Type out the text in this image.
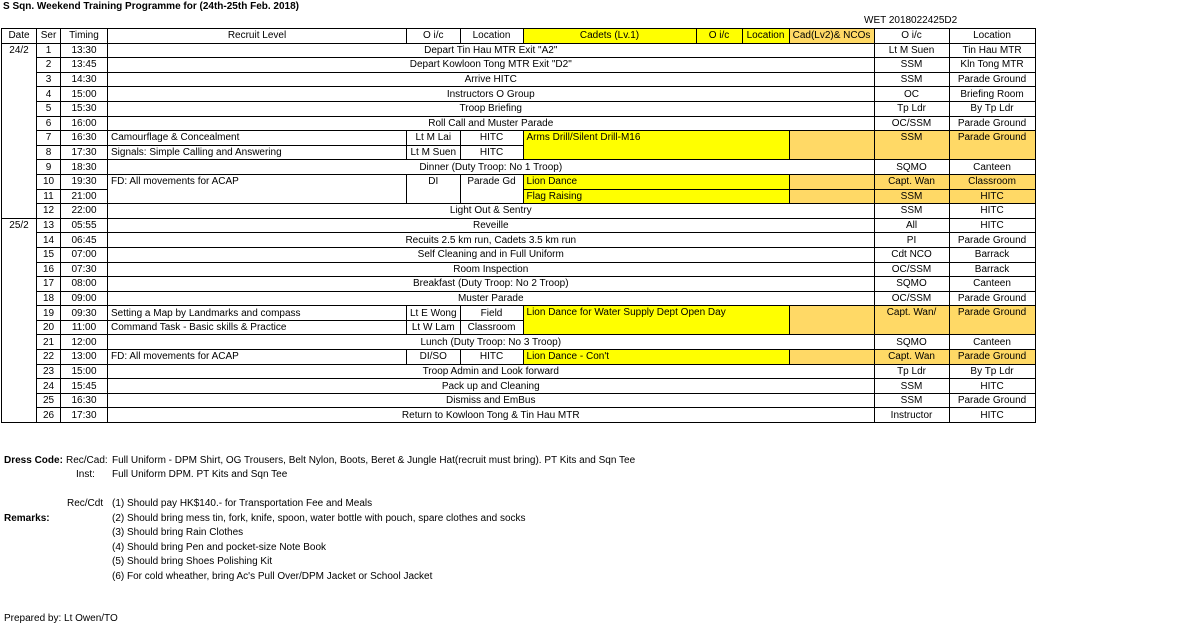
S Sqn. Weekend Training Programme for (24th-25th Feb. 2018)
WET 2018022425D2
Date	Ser	Timing	Recruit Level	O i/c	Location	Cadets (Lv.1)	O i/c	Location	Cad(Lv2)& NCOs	O i/c	Location
24/2	1	13:30	Depart Tin Hau MTR Exit "A2"							Lt M Suen	Tin Hau MTR
	2	13:45	Depart Kowloon Tong MTR Exit "D2"							SSM	Kln Tong MTR
	3	14:30	Arrive HITC							SSM	Parade Ground
	4	15:00	Instructors O Group							OC	Briefing Room
	5	15:30	Troop Briefing							Tp Ldr	By Tp Ldr
	6	16:00	Roll Call and Muster Parade							OC/SSM	Parade Ground
	7	16:30	Camourflage & Concealment	Lt M Lai	HITC	Arms Drill/Silent Drill-M16				SSM	Parade Ground
	8	17:30	Signals: Simple Calling and Answering	Lt M Suen	HITC						
	9	18:30	Dinner (Duty Troop: No 1 Troop)							SQMO	Canteen
	10	19:30	FD: All movements for ACAP	DI	Parade Gd	Lion Dance				Capt. Wan	Classroom
	11	21:00				Flag Raising				SSM	HITC
	12	22:00	Light Out & Sentry							SSM	HITC
25/2	13	05:55	Reveille							All	HITC
	14	06:45	Recuits 2.5 km run, Cadets 3.5 km run							PI	Parade Ground
	15	07:00	Self Cleaning and in Full Uniform							Cdt NCO	Barrack
	16	07:30	Room Inspection							OC/SSM	Barrack
	17	08:00	Breakfast (Duty Troop: No 2 Troop)							SQMO	Canteen
	18	09:00	Muster Parade							OC/SSM	Parade Ground
	19	09:30	Setting a Map by Landmarks and compass	Lt E Wong	Field	Lion Dance for Water Supply Dept Open Day				Capt. Wan/	Parade Ground
	20	11:00	Command Task - Basic skills & Practice	Lt W Lam	Classroom						
	21	12:00	Lunch (Duty Troop: No 3 Troop)							SQMO	Canteen
	22	13:00	FD: All movements for ACAP	DI/SO	HITC	Lion Dance - Con't				Capt. Wan	Parade Ground
	23	15:00	Troop Admin and Look forward							Tp Ldr	By Tp Ldr
	24	15:45	Pack up and Cleaning							SSM	HITC
	25	16:30	Dismiss and EmBus							SSM	Parade Ground
	26	17:30	Return to Kowloon Tong & Tin Hau MTR							Instructor	HITC
Dress Code: Rec/Cad: Full Uniform - DPM Shirt, OG Trousers, Belt Nylon, Boots, Beret & Jungle Hat(recruit must bring). PT Kits and Sqn Tee
Inst: Full Uniform DPM. PT Kits and Sqn Tee
Rec/Cdt
Remarks:
(1) Should pay HK$140.- for Transportation Fee and Meals
(2) Should bring mess tin, fork, knife, spoon, water bottle with pouch, spare clothes and socks
(3) Should bring Rain Clothes
(4) Should bring Pen and pocket-size Note Book
(5) Should bring Shoes Polishing Kit
(6) For cold wheather, bring Ac's Pull Over/DPM Jacket or School Jacket
Prepared by: Lt Owen/TO
